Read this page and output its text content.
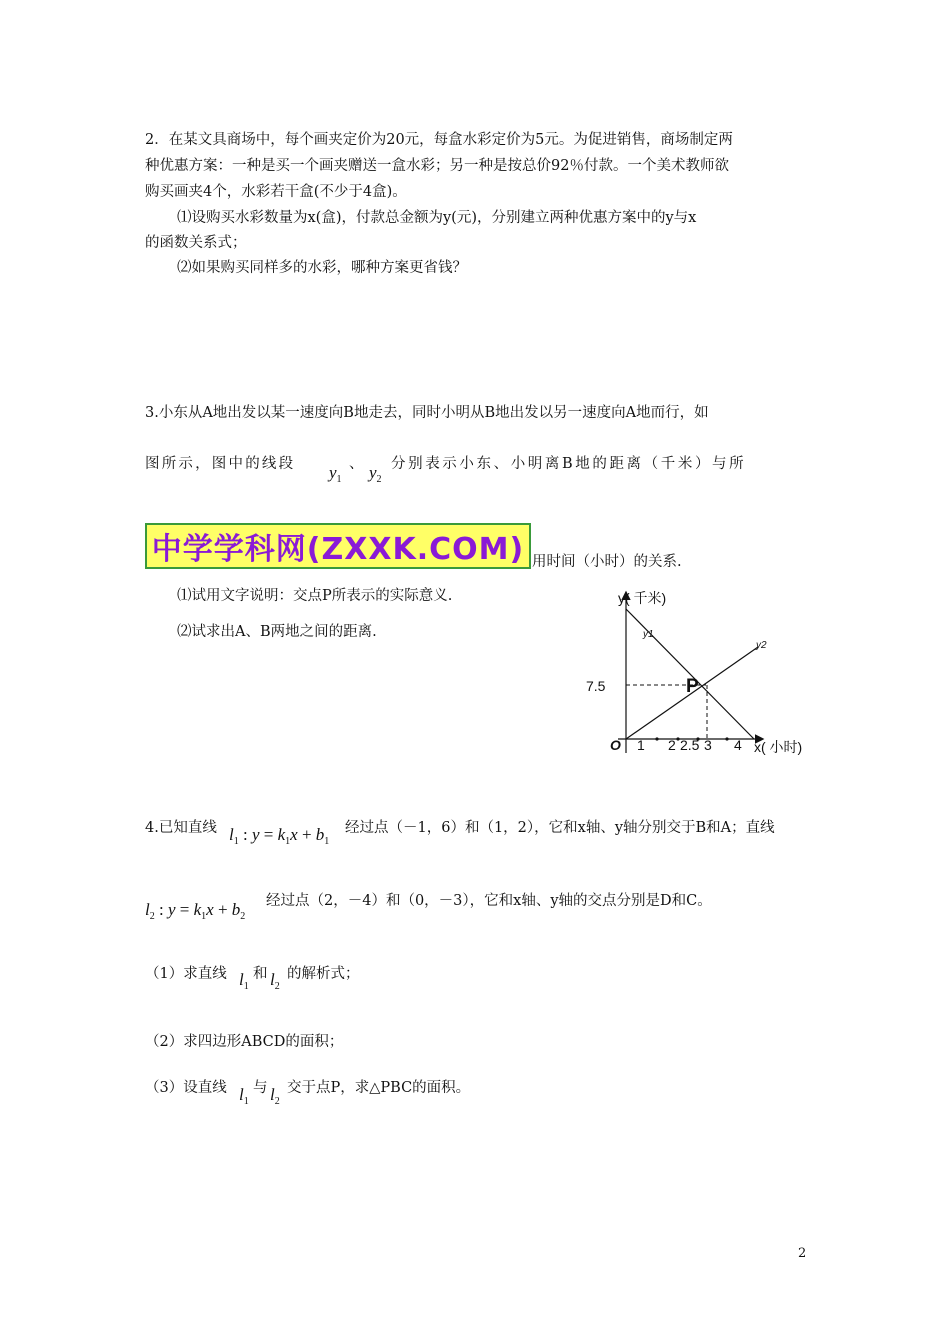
2．在某文具商场中，每个画夹定价为20元，每盒水彩定价为5元。为促进销售，商场制定两
种优惠方案：一种是买一个画夹赠送一盒水彩；另一种是按总价92％付款。一个美术教师欲
购买画夹4个，水彩若干盒(不少于4盒)。
⑴设购买水彩数量为x(盒)，付款总金额为y(元)，分别建立两种优惠方案中的y与x
的函数关系式；
⑵如果购买同样多的水彩，哪种方案更省钱？
3.小东从A地出发以某一速度向B地走去，同时小明从B地出发以另一速度向A地而行，如
图所示，图中的线段 $y_1$
、 $y_2$
分别表示小东、小明离B地的距离（千米）与所
中学学科网(ZXXK.COM) 用时间（小时）的关系.
⑴试用文字说明：交点P所表示的实际意义.
⑵试求出A、B两地之间的距离.
y( 千米)
x( 小时)
O
P
y1
y2
7.5
1 2 2.5 3 4
4.已知直线 $l_1$ : $y = k_1x + b_1$
经过点（－1，6）和（1，2），它和x轴、y轴分别交于B和A；直线
$l_2$ : $y = k_1x + b_2$
经过点（2，－4）和（0，－3），它和x轴、y轴的交点分别是D和C。
（1）求直线 $l_1$
和 $l_2$
的解析式；
（2）求四边形ABCD的面积；
（3）设直线 $l_1$
与 $l_2$
交于点P，求△PBC的面积。
2
